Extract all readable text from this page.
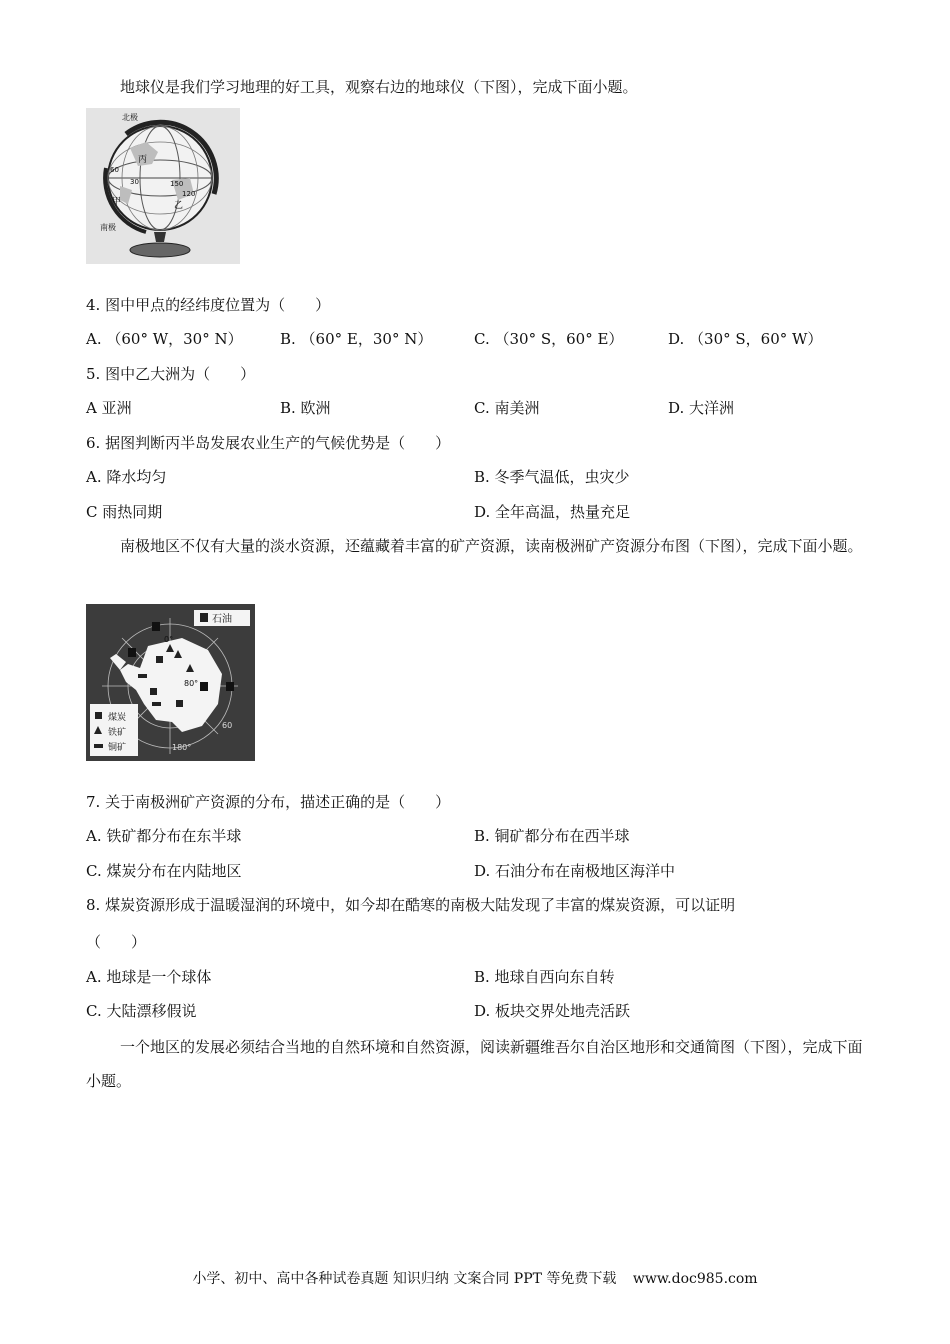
地球仪是我们学习地理的好工具，观察右边的地球仪（下图），完成下面小题。

北极
南极
60
30	150
120
甲	乙
丙
4. 图中甲点的经纬度位置为（　　）
A. （60° W，30° N） B. （60° E，30° N）	C. （30° S，60° E）	D. （30° S，60° W）
5. 图中乙大洲为（　　）
A 亚洲	B. 欧洲	C. 南美洲	D. 大洋洲
6. 据图判断丙半岛发展农业生产的气候优势是（　　）
A. 降水均匀	B. 冬季气温低，虫灾少
C 雨热同期	D. 全年高温，热量充足

南极地区不仅有大量的淡水资源，还蕴藏着丰富的矿产资源，读南极洲矿产资源分布图（下图），完成下面小题。

石油
煤炭
铁矿
铜矿
0°
80°
180°
60
7. 关于南极洲矿产资源的分布，描述正确的是（　　）
A. 铁矿都分布在东半球	B. 铜矿都分布在西半球
C. 煤炭分布在内陆地区	D. 石油分布在南极地区海洋中
8. 煤炭资源形成于温暖湿润的环境中，如今却在酷寒的南极大陆发现了丰富的煤炭资源，可以证明
（　　）
A. 地球是一个球体	B. 地球自西向东自转
C. 大陆漂移假说	D. 板块交界处地壳活跃

一个地区的发展必须结合当地的自然环境和自然资源，阅读新疆维吾尔自治区地形和交通简图（下图），完成下面小题。

小学、初中、高中各种试卷真题 知识归纳 文案合同 PPT 等免费下载 www.doc985.com
